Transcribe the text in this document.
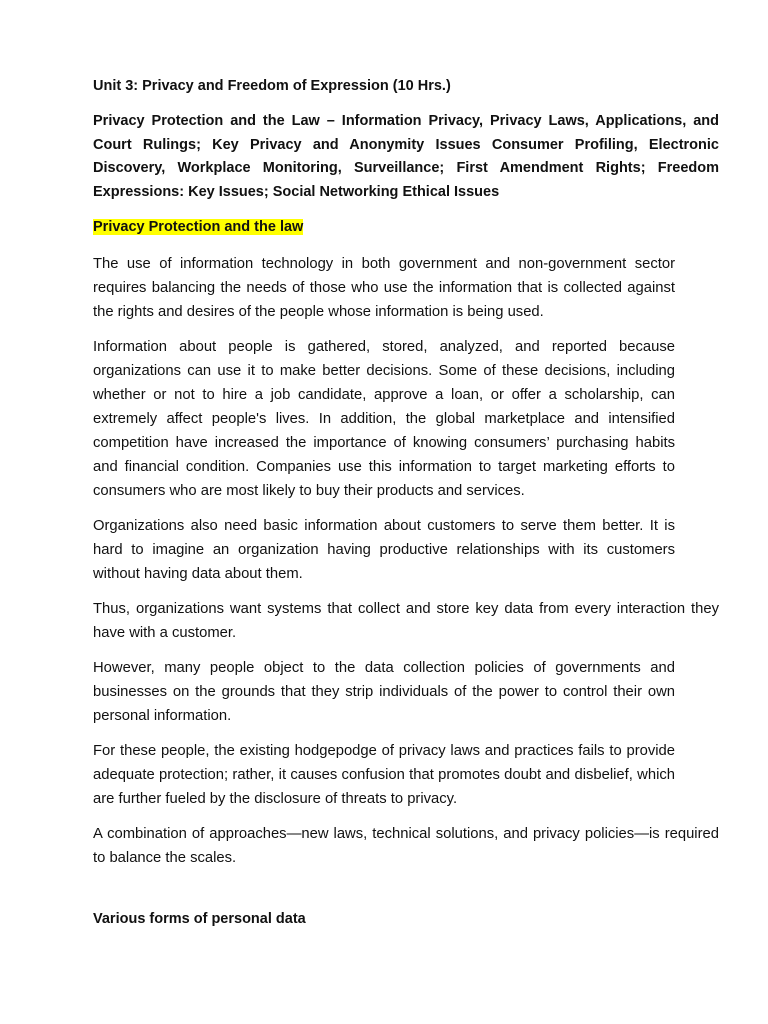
Unit 3: Privacy and Freedom of Expression (10 Hrs.)
Privacy Protection and the Law – Information Privacy, Privacy Laws, Applications, and Court Rulings; Key Privacy and Anonymity Issues Consumer Profiling, Electronic Discovery, Workplace Monitoring, Surveillance; First Amendment Rights; Freedom Expressions: Key Issues; Social Networking Ethical Issues
Privacy Protection and the law
The use of information technology in both government and non-government sector requires balancing the needs of those who use the information that is collected against the rights and desires of the people whose information is being used.
Information about people is gathered, stored, analyzed, and reported because organizations can use it to make better decisions. Some of these decisions, including whether or not to hire a job candidate, approve a loan, or offer a scholarship, can extremely affect people's lives. In addition, the global marketplace and intensified competition have increased the importance of knowing consumers’ purchasing habits and financial condition. Companies use this information to target marketing efforts to consumers who are most likely to buy their products and services.
Organizations also need basic information about customers to serve them better. It is hard to imagine an organization having productive relationships with its customers without having data about them.
Thus, organizations want systems that collect and store key data from every interaction they have with a customer.
However, many people object to the data collection policies of governments and businesses on the grounds that they strip individuals of the power to control their own personal information.
For these people, the existing hodgepodge of privacy laws and practices fails to provide adequate protection; rather, it causes confusion that promotes doubt and disbelief, which are further fueled by the disclosure of threats to privacy.
A combination of approaches—new laws, technical solutions, and privacy policies—is required to balance the scales.
Various forms of personal data
